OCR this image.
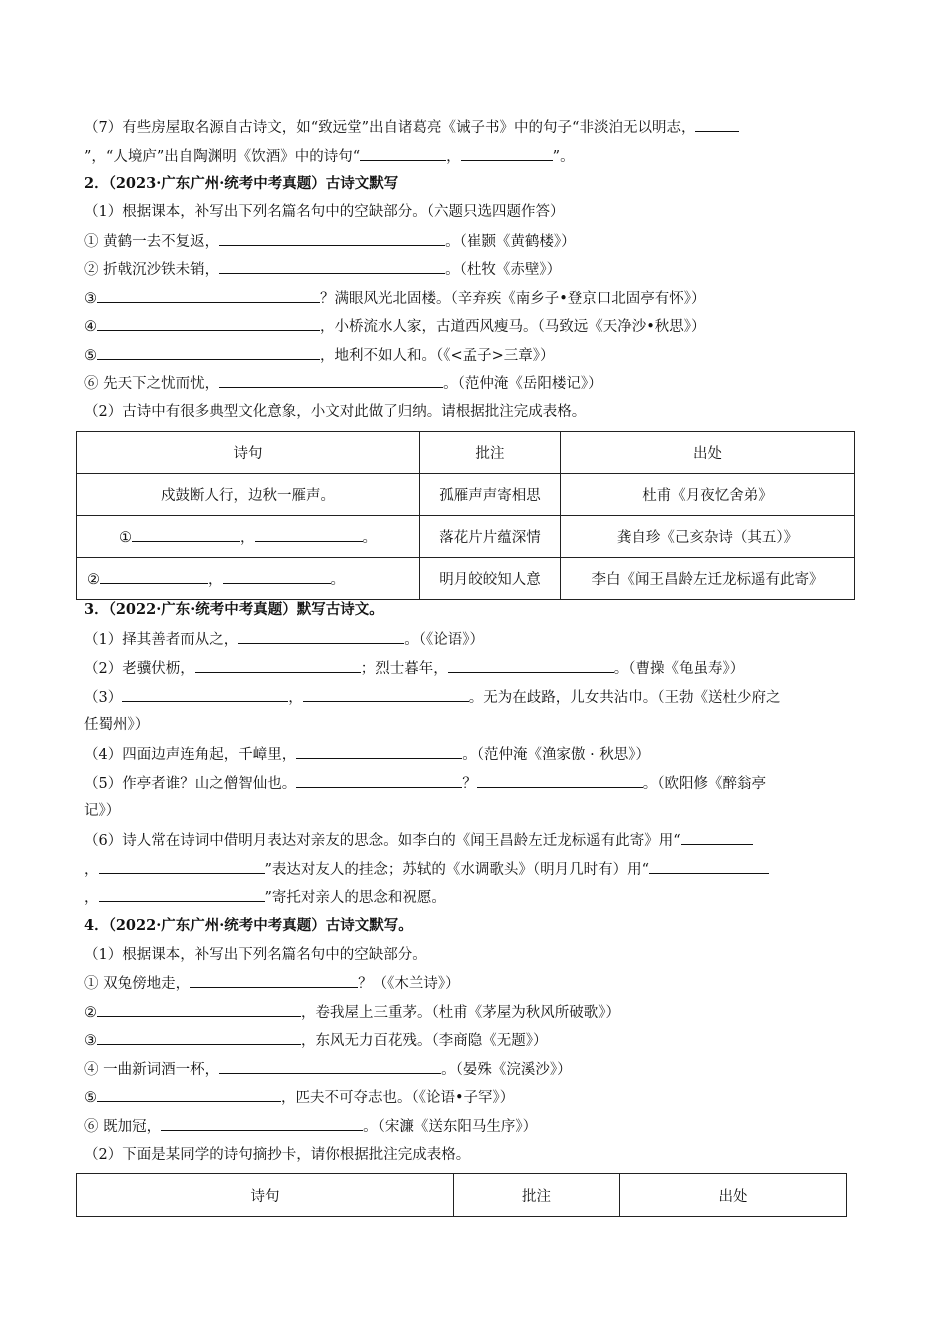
（7）有些房屋取名源自古诗文，如“致远堂”出自诸葛亮《诫子书》中的句子“非淡泊无以明志，
”，“人境庐”出自陶渊明《饮酒》中的诗句“	，	”。
2．（2023·广东广州·统考中考真题）古诗文默写
（1）根据课本，补写出下列名篇名句中的空缺部分。（六题只选四题作答）
① 黄鹤一去不复返，	。（崔颢《黄鹤楼》）
② 折戟沉沙铁未销，	。（杜牧《赤壁》）
③	？满眼风光北固楼。（辛弃疾《南乡子•登京口北固亭有怀》）
④	，小桥流水人家，古道西风瘦马。（马致远《天净沙•秋思》）
⑤	，地利不如人和。（《<孟子>三章》）
⑥ 先天下之忧而忧，	。（范仲淹《岳阳楼记》）
（2）古诗中有很多典型文化意象，小文对此做了归纳。请根据批注完成表格。
诗句	批注	出处
戍鼓断人行，边秋一雁声。	孤雁声声寄相思	杜甫《月夜忆舍弟》
① ， 。	落花片片蕴深情	龚自珍《己亥杂诗（其五）》
② ， 。	明月皎皎知人意	李白《闻王昌龄左迁龙标遥有此寄》
3．（2022·广东·统考中考真题）默写古诗文。
（1）择其善者而从之，	。（《论语》）
（2）老骥伏枥，	；烈士暮年，	。（曹操《龟虽寿》）
（3）	，	。无为在歧路，儿女共沾巾。（王勃《送杜少府之
任蜀州》）
（4）四面边声连角起，千嶂里，	。（范仲淹《渔家傲 · 秋思》）
（5）作亭者谁？山之僧智仙也。	？	。（欧阳修《醉翁亭
记》）
（6）诗人常在诗词中借明月表达对亲友的思念。如李白的《闻王昌龄左迁龙标遥有此寄》用“
，	”表达对友人的挂念；苏轼的《水调歌头》（明月几时有）用“
，	”寄托对亲人的思念和祝愿。
4．（2022·广东广州·统考中考真题）古诗文默写。
（1）根据课本，补写出下列名篇名句中的空缺部分。
① 双兔傍地走，	？（《木兰诗》）
②	，卷我屋上三重茅。（杜甫《茅屋为秋风所破歌》）
③	，东风无力百花残。（李商隐《无题》）
④ 一曲新词酒一杯，	。（晏殊《浣溪沙》）
⑤	，匹夫不可夺志也。（《论语•子罕》）
⑥ 既加冠，	。（宋濂《送东阳马生序》）
（2）下面是某同学的诗句摘抄卡，请你根据批注完成表格。
诗句	批注	出处
